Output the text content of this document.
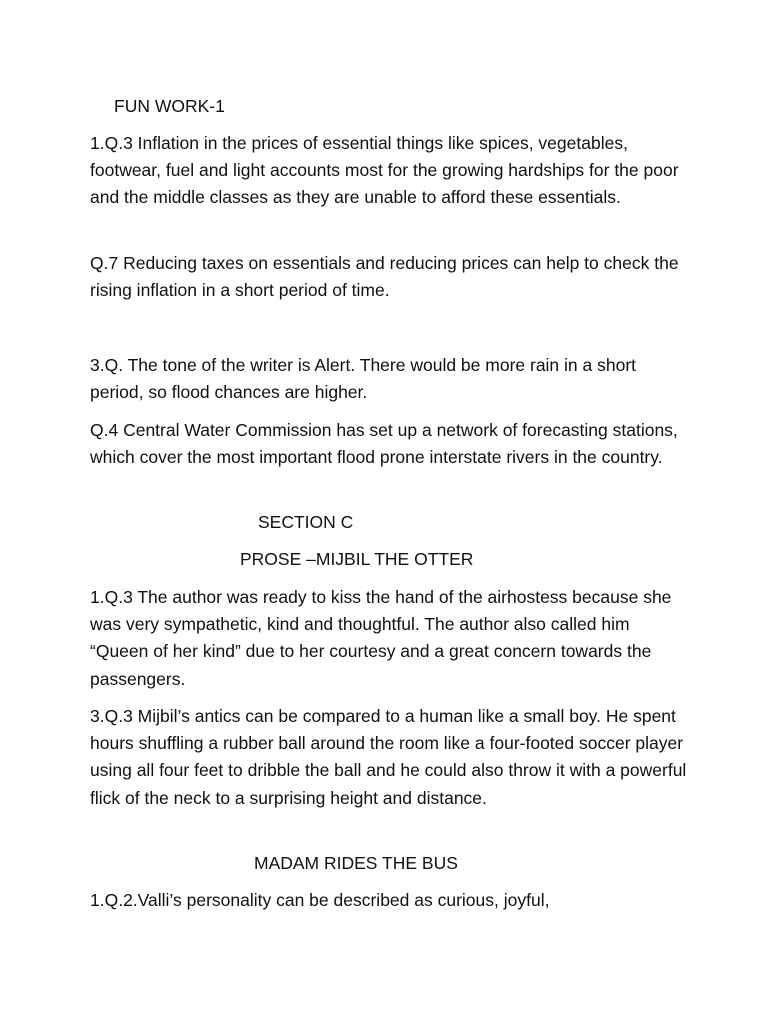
FUN WORK-1
1.Q.3 Inflation in the prices of essential things like spices, vegetables, footwear, fuel and light accounts most for the growing hardships for the poor and the middle classes as they are unable to afford these essentials.
Q.7 Reducing taxes on essentials and reducing prices can help to check the rising inflation in a short period of time.
3.Q. The tone of the writer is Alert. There would be more rain in a short period, so flood chances are higher.
Q.4 Central Water Commission has set up a network of forecasting stations, which cover the most important flood prone interstate rivers in the country.
SECTION C
PROSE –MIJBIL THE OTTER
1.Q.3 The author was ready to kiss the hand of the airhostess because she was very sympathetic, kind and thoughtful. The author also called him “Queen of her kind” due to her courtesy and a great concern towards the passengers.
3.Q.3 Mijbil’s antics can be compared to a human like a small boy. He spent hours shuffling a rubber ball around the room like a four-footed soccer player using all four feet to dribble the ball and he could also throw it with a powerful flick of the neck to a surprising height and distance.
MADAM RIDES THE BUS
1.Q.2.Valli’s personality can be described as curious, joyful,
